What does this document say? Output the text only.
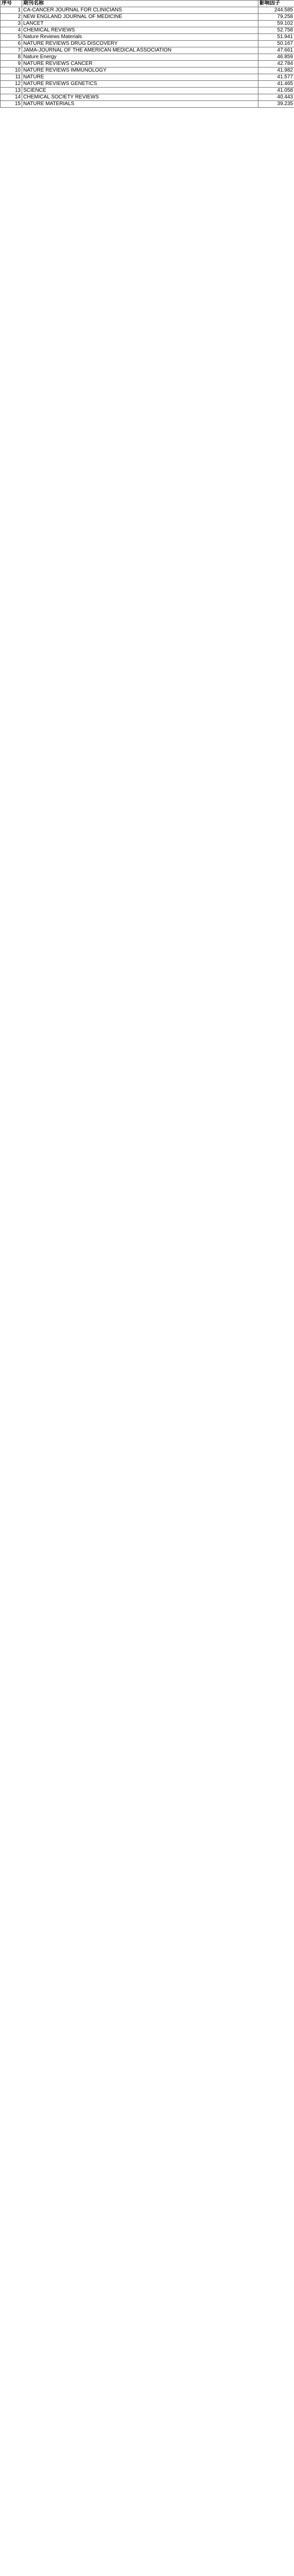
序号	期刊名称	影响因子
1	CA-CANCER JOURNAL FOR CLINICIANS	244.585
2	NEW ENGLAND JOURNAL OF MEDICINE	79.258
3	LANCET	59.102
4	CHEMICAL REVIEWS	52.758
5	Nature Reviews Materials	51.941
6	NATURE REVIEWS DRUG DISCOVERY	50.167
7	JAMA-JOURNAL OF THE AMERICAN MEDICAL ASSOCIATION	47.661
8	Nature Energy	46.859
9	NATURE REVIEWS CANCER	42.784
10	NATURE REVIEWS IMMUNOLOGY	41.982
11	NATURE	41.577
12	NATURE REVIEWS GENETICS	41.465
13	SCIENCE	41.058
14	CHEMICAL SOCIETY REVIEWS	40.443
15	NATURE MATERIALS	39.235
